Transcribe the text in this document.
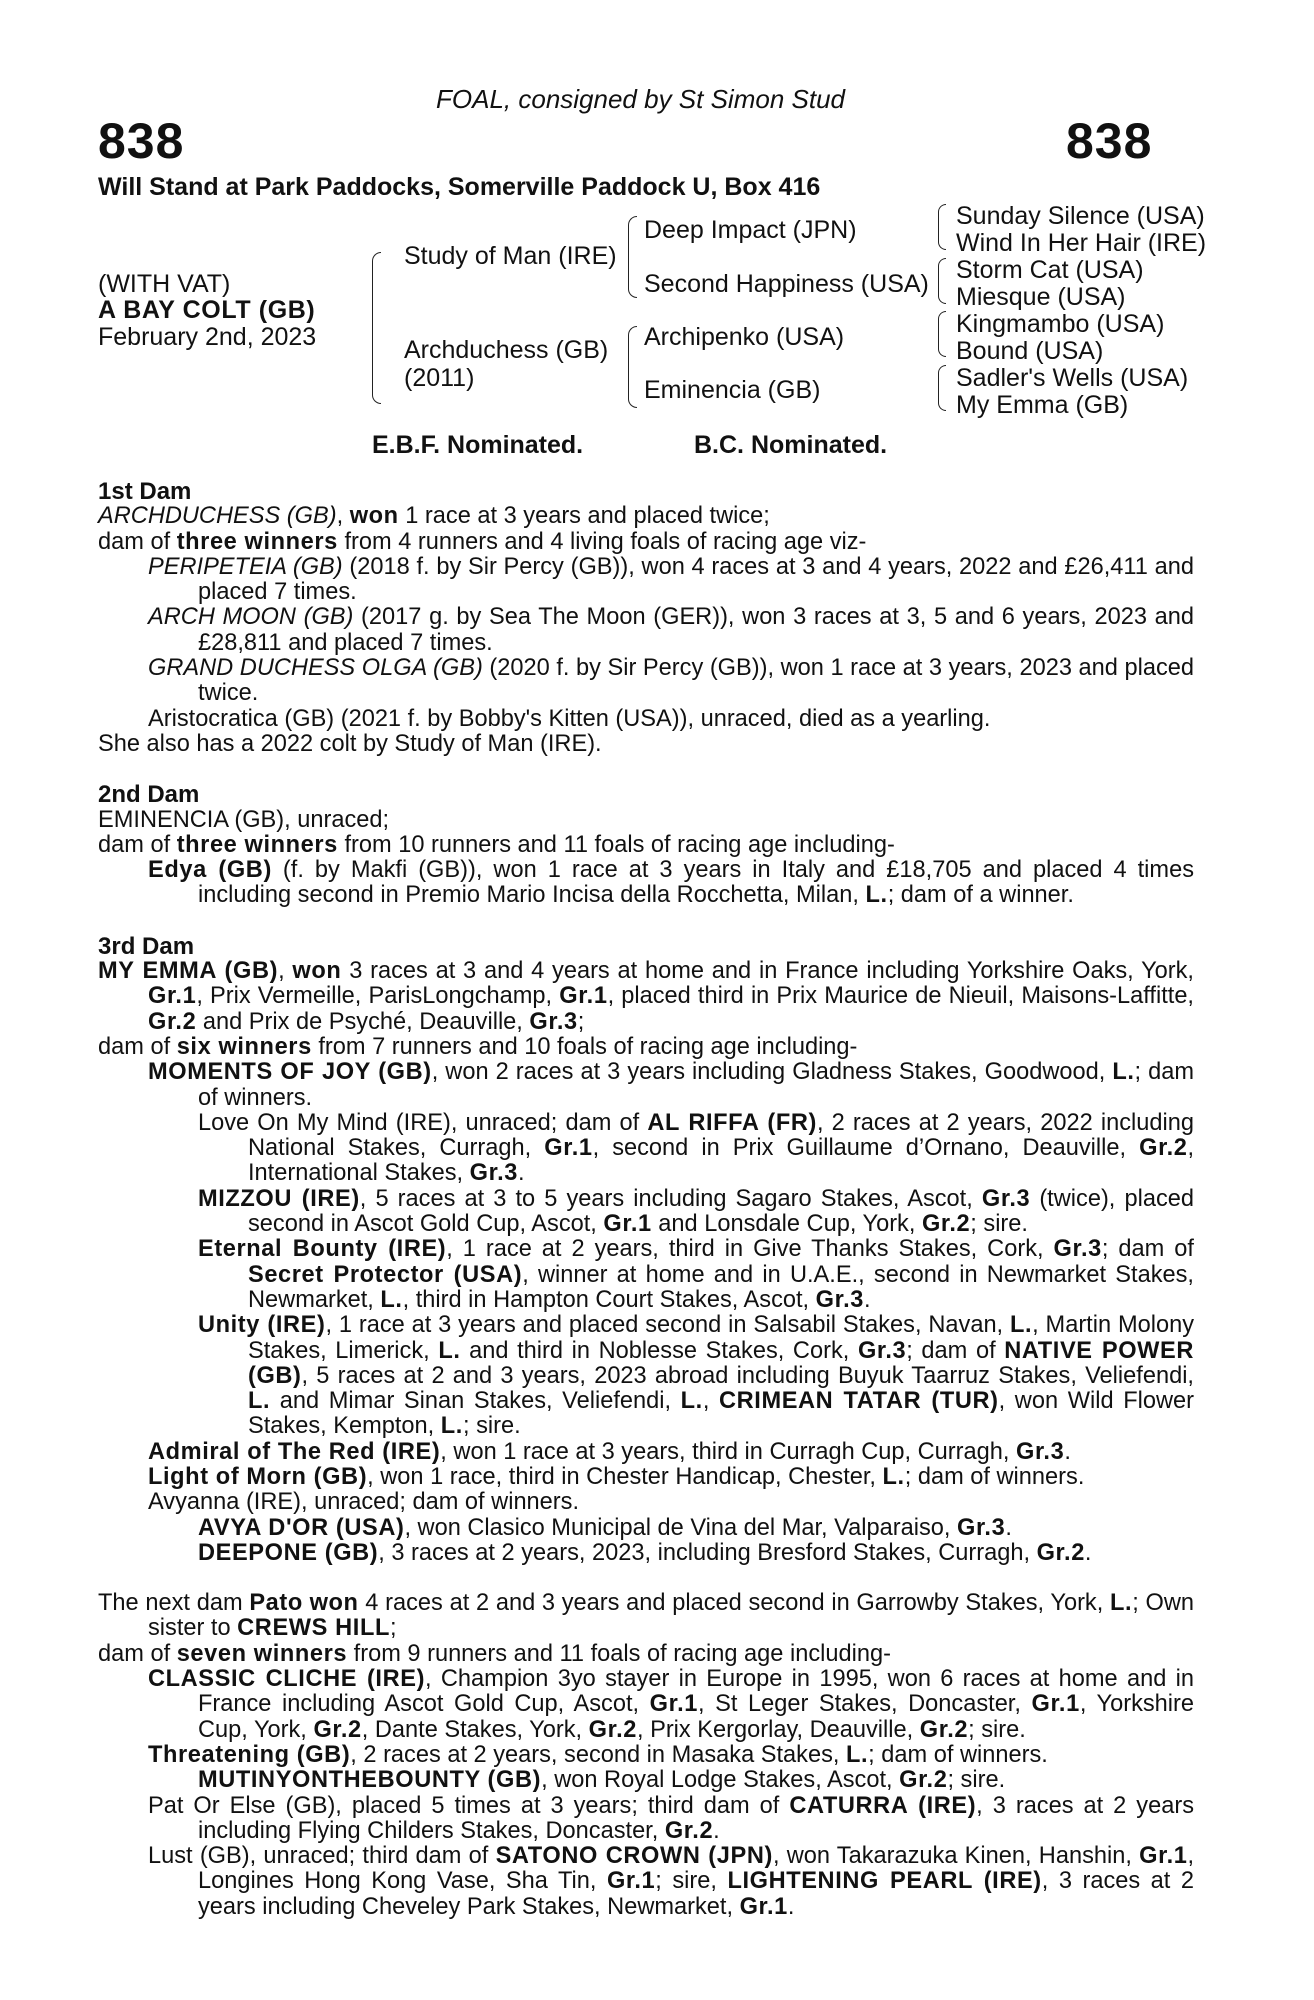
FOAL, consigned by St Simon Stud
838	838
Will Stand at Park Paddocks, Somerville Paddock U, Box 416
(WITH VAT)
A BAY COLT (GB)
February 2nd, 2023
Study of Man (IRE)
Archduchess (GB)
(2011)
Deep Impact (JPN)
Second Happiness (USA)
Archipenko (USA)
Eminencia (GB)
Sunday Silence (USA)
Wind In Her Hair (IRE)
Storm Cat (USA)
Miesque (USA)
Kingmambo (USA)
Bound (USA)
Sadler's Wells (USA)
My Emma (GB)
E.B.F. Nominated.	B.C. Nominated.

1st Dam

ARCHDUCHESS (GB), won 1 race at 3 years and placed twice;

dam of three winners from 4 runners and 4 living foals of racing age viz-

PERIPETEIA (GB) (2018 f. by Sir Percy (GB)), won 4 races at 3 and 4 years, 2022 and £26,411 and placed 7 times.

ARCH MOON (GB) (2017 g. by Sea The Moon (GER)), won 3 races at 3, 5 and 6 years, 2023 and £28,811 and placed 7 times.

GRAND DUCHESS OLGA (GB) (2020 f. by Sir Percy (GB)), won 1 race at 3 years, 2023 and placed twice.

Aristocratica (GB) (2021 f. by Bobby's Kitten (USA)), unraced, died as a yearling.

She also has a 2022 colt by Study of Man (IRE).

2nd Dam

EMINENCIA (GB), unraced;

dam of three winners from 10 runners and 11 foals of racing age including-

Edya (GB) (f. by Makfi (GB)), won 1 race at 3 years in Italy and £18,705 and placed 4 times including second in Premio Mario Incisa della Rocchetta, Milan, L.; dam of a winner.

3rd Dam

MY EMMA (GB), won 3 races at 3 and 4 years at home and in France including Yorkshire Oaks, York, Gr.1, Prix Vermeille, ParisLongchamp, Gr.1, placed third in Prix Maurice de Nieuil, Maisons-Laffitte, Gr.2 and Prix de Psyché, Deauville, Gr.3;

dam of six winners from 7 runners and 10 foals of racing age including-

MOMENTS OF JOY (GB), won 2 races at 3 years including Gladness Stakes, Goodwood, L.; dam of winners.

Love On My Mind (IRE), unraced; dam of AL RIFFA (FR), 2 races at 2 years, 2022 including National Stakes, Curragh, Gr.1, second in Prix Guillaume d’Ornano, Deauville, Gr.2, International Stakes, Gr.3.

MIZZOU (IRE), 5 races at 3 to 5 years including Sagaro Stakes, Ascot, Gr.3 (twice), placed second in Ascot Gold Cup, Ascot, Gr.1 and Lonsdale Cup, York, Gr.2; sire.

Eternal Bounty (IRE), 1 race at 2 years, third in Give Thanks Stakes, Cork, Gr.3; dam of Secret Protector (USA), winner at home and in U.A.E., second in Newmarket Stakes, Newmarket, L., third in Hampton Court Stakes, Ascot, Gr.3.

Unity (IRE), 1 race at 3 years and placed second in Salsabil Stakes, Navan, L., Martin Molony Stakes, Limerick, L. and third in Noblesse Stakes, Cork, Gr.3; dam of NATIVE POWER (GB), 5 races at 2 and 3 years, 2023 abroad including Buyuk Taarruz Stakes, Veliefendi, L. and Mimar Sinan Stakes, Veliefendi, L., CRIMEAN TATAR (TUR), won Wild Flower Stakes, Kempton, L.; sire.

Admiral of The Red (IRE), won 1 race at 3 years, third in Curragh Cup, Curragh, Gr.3.

Light of Morn (GB), won 1 race, third in Chester Handicap, Chester, L.; dam of winners.

Avyanna (IRE), unraced; dam of winners.

AVYA D'OR (USA), won Clasico Municipal de Vina del Mar, Valparaiso, Gr.3.

DEEPONE (GB), 3 races at 2 years, 2023, including Bresford Stakes, Curragh, Gr.2.

The next dam Pato won 4 races at 2 and 3 years and placed second in Garrowby Stakes, York, L.; Own sister to CREWS HILL;

dam of seven winners from 9 runners and 11 foals of racing age including-

CLASSIC CLICHE (IRE), Champion 3yo stayer in Europe in 1995, won 6 races at home and in France including Ascot Gold Cup, Ascot, Gr.1, St Leger Stakes, Doncaster, Gr.1, Yorkshire Cup, York, Gr.2, Dante Stakes, York, Gr.2, Prix Kergorlay, Deauville, Gr.2; sire.

Threatening (GB), 2 races at 2 years, second in Masaka Stakes, L.; dam of winners.

MUTINYONTHEBOUNTY (GB), won Royal Lodge Stakes, Ascot, Gr.2; sire.

Pat Or Else (GB), placed 5 times at 3 years; third dam of CATURRA (IRE), 3 races at 2 years including Flying Childers Stakes, Doncaster, Gr.2.

Lust (GB), unraced; third dam of SATONO CROWN (JPN), won Takarazuka Kinen, Hanshin, Gr.1, Longines Hong Kong Vase, Sha Tin, Gr.1; sire, LIGHTENING PEARL (IRE), 3 races at 2 years including Cheveley Park Stakes, Newmarket, Gr.1.
